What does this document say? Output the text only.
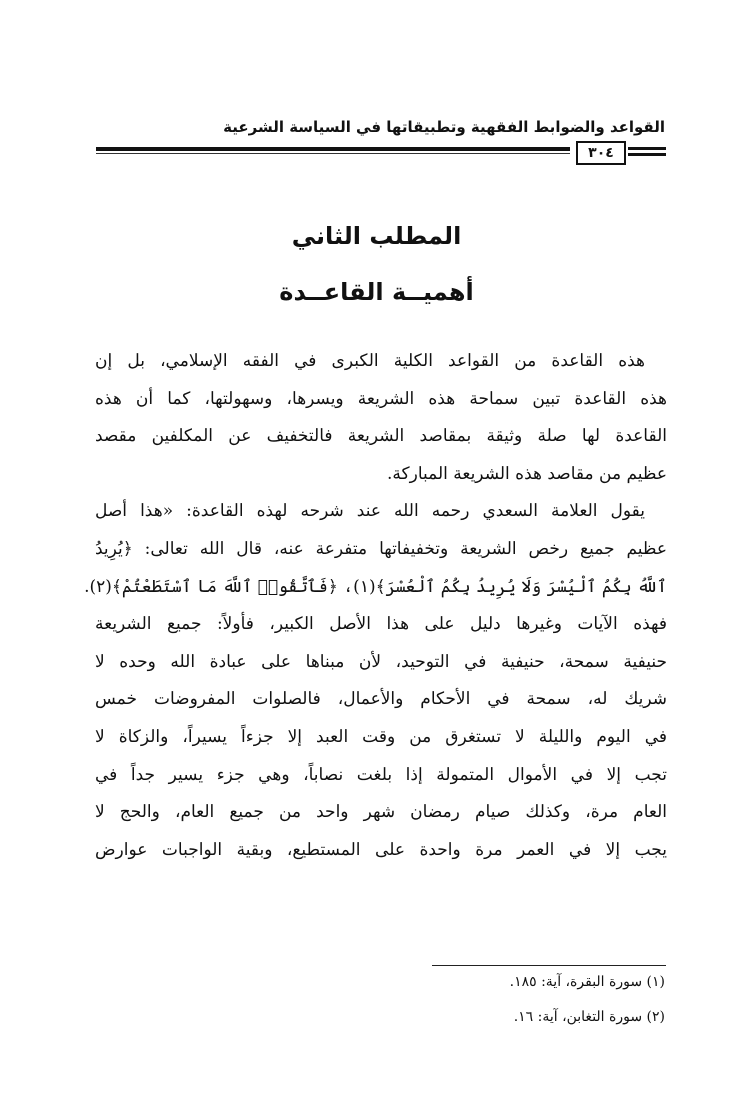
القواعد والضوابط الفقهية وتطبيقاتها في السياسة الشرعية
٣٠٤
المطلب الثاني
أهميــة القاعــدة
هذه القاعدة من القواعد الكلية الكبرى في الفقه الإسلامي، بل إن
هذه القاعدة تبين سماحة هذه الشريعة ويسرها، وسهولتها، كما أن هذه
القاعدة لها صلة وثيقة بمقاصد الشريعة فالتخفيف عن المكلفين مقصد
عظيم من مقاصد هذه الشريعة المباركة.
يقول العلامة السعدي رحمه الله عند شرحه لهذه القاعدة: «هذا أصل
عظيم جميع رخص الشريعة وتخفيفاتها متفرعة عنه، قال الله تعالى: ﴿يُرِيدُ
ٱللَّهُ بِكُمُ ٱلْيُسْرَ وَلَا يُرِيدُ بِكُمُ ٱلْعُسْرَ﴾(١)، ﴿فَٱتَّقُوا۟ ٱللَّهَ مَا ٱسْتَطَعْتُمْ﴾(٢).
فهذه الآيات وغيرها دليل على هذا الأصل الكبير، فأولاً: جميع الشريعة
حنيفية سمحة، حنيفية في التوحيد، لأن مبناها على عبادة الله وحده لا
شريك له، سمحة في الأحكام والأعمال، فالصلوات المفروضات خمس
في اليوم والليلة لا تستغرق من وقت العبد إلا جزءاً يسيراً، والزكاة لا
تجب إلا في الأموال المتمولة إذا بلغت نصاباً، وهي جزء يسير جداً في
العام مرة، وكذلك صيام رمضان شهر واحد من جميع العام، والحج لا
يجب إلا في العمر مرة واحدة على المستطيع، وبقية الواجبات عوارض
(١) سورة البقرة، آية: ١٨٥.
(٢) سورة التغابن، آية: ١٦.
